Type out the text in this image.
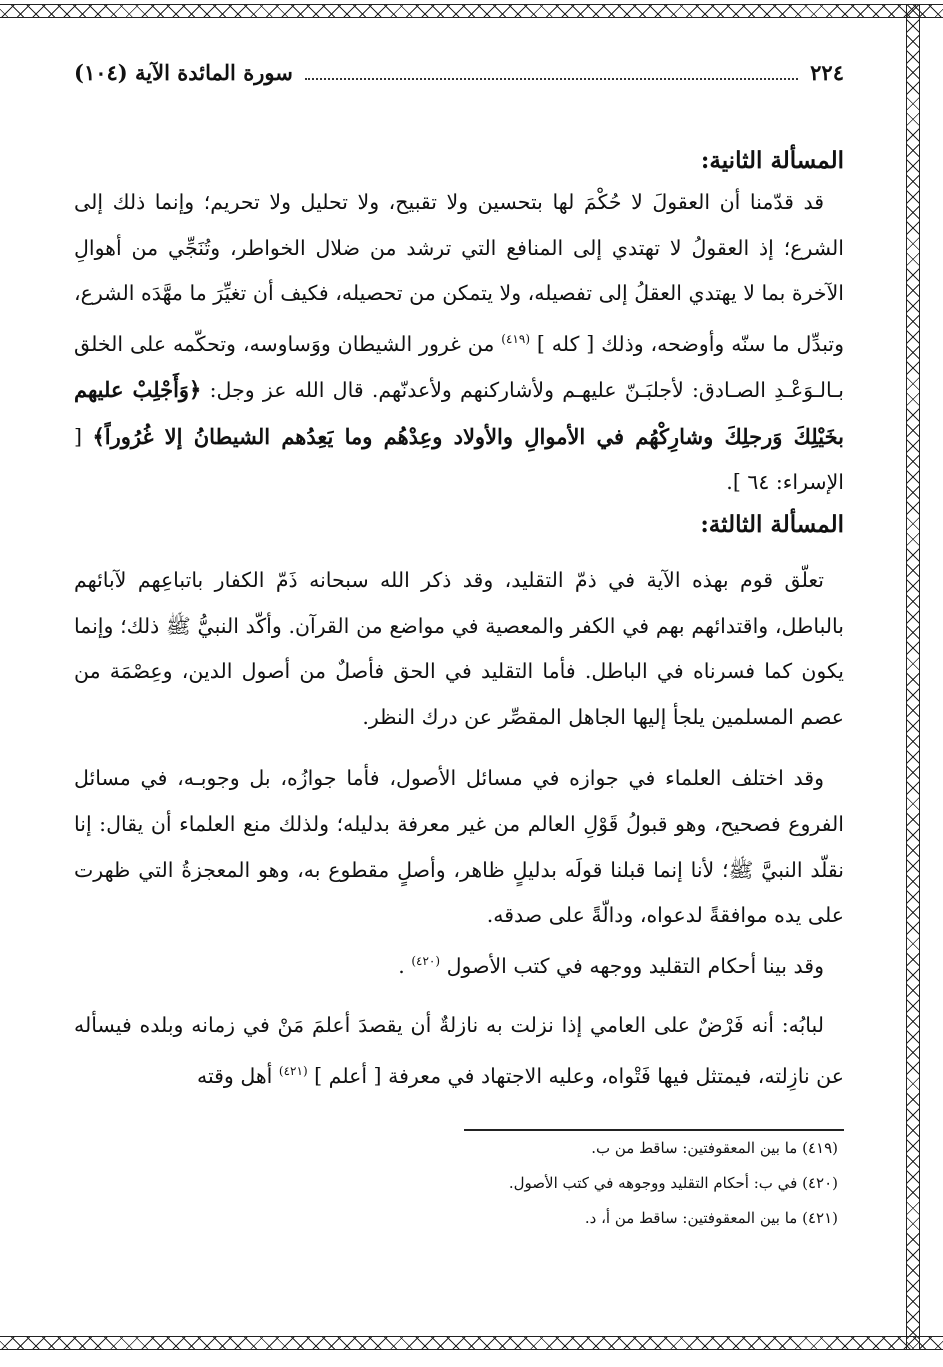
٢٢٤
سورة المائدة الآية (١٠٤)
المسألة الثانية:

قد قدّمنا أن العقولَ لا حُكْمَ لها بتحسين ولا تقبيح، ولا تحليل ولا تحريم؛ وإنما ذلك إلى الشرع؛ إذ العقولُ لا تهتدي إلى المنافع التي ترشد من ضلال الخواطر، وتُنَجِّي من أهوالِ الآخرة بما لا يهتدي العقلُ إلى تفصيله، ولا يتمكن من تحصيله، فكيف أن تغيِّرَ ما مهَّدَه الشرع، وتبدِّل ما سنّه وأوضحه، وذلك [ كله ] $^{(٤١٩)}$ من غرور الشيطان ووَساوسه، وتحكّمه على الخلق بـالـوَعْـدِ الصـادق: لأجلبَـنّ عليهـم ولأشاركنهم ولأعدنّهم. قال الله عز وجل: ﴿وَأَجْلِبْ عليهم بخَيْلِكَ وَرجلِكَ وشارِكْهُم في الأموالِ والأولاد وعِدْهُم وما يَعِدُهم الشيطانُ إلا غُرُوراً﴾ [ الإسراء: ٦٤ ].

المسألة الثالثة:

تعلّق قوم بهذه الآية في ذمّ التقليد، وقد ذكر الله سبحانه ذَمّ الكفار باتباعِهم لآبائهم بالباطل، واقتدائهم بهم في الكفر والمعصية في مواضع من القرآن. وأكّد النبيُّ ﷺ ذلك؛ وإنما يكون كما فسرناه في الباطل. فأما التقليد في الحق فأصلٌ من أصول الدين، وعِصْمَة من عصم المسلمين يلجأ إليها الجاهل المقصِّر عن درك النظر.

وقد اختلف العلماء في جوازه في مسائل الأصول، فأما جوازُه، بل وجوبـه، في مسائل الفروع فصحيح، وهو قبولُ قَوْلِ العالم من غير معرفة بدليله؛ ولذلك منع العلماء أن يقال: إنا نقلّد النبيَّ ﷺ؛ لأنا إنما قبلنا قولَه بدليلٍ ظاهر، وأصلٍ مقطوع به، وهو المعجزةُ التي ظهرت على يده موافقةً لدعواه، ودالّةً على صدقه.

وقد بينا أحكام التقليد ووجهه في كتب الأصول $^{(٤٢٠)}$ .

لبابُه: أنه فَرْضٌ على العامي إذا نزلت به نازلةٌ أن يقصدَ أعلمَ مَنْ في زمانه وبلده فيسأله عن نازِلته، فيمتثل فيها فَتْواه، وعليه الاجتهاد في معرفة [ أعلم ] $^{(٤٢١)}$ أهل وقته

(٤١٩) ما بين المعقوفتين: ساقط من ب.

(٤٢٠) في ب: أحكام التقليد ووجوهه في كتب الأصول.

(٤٢١) ما بين المعقوفتين: ساقط من أ، د.
